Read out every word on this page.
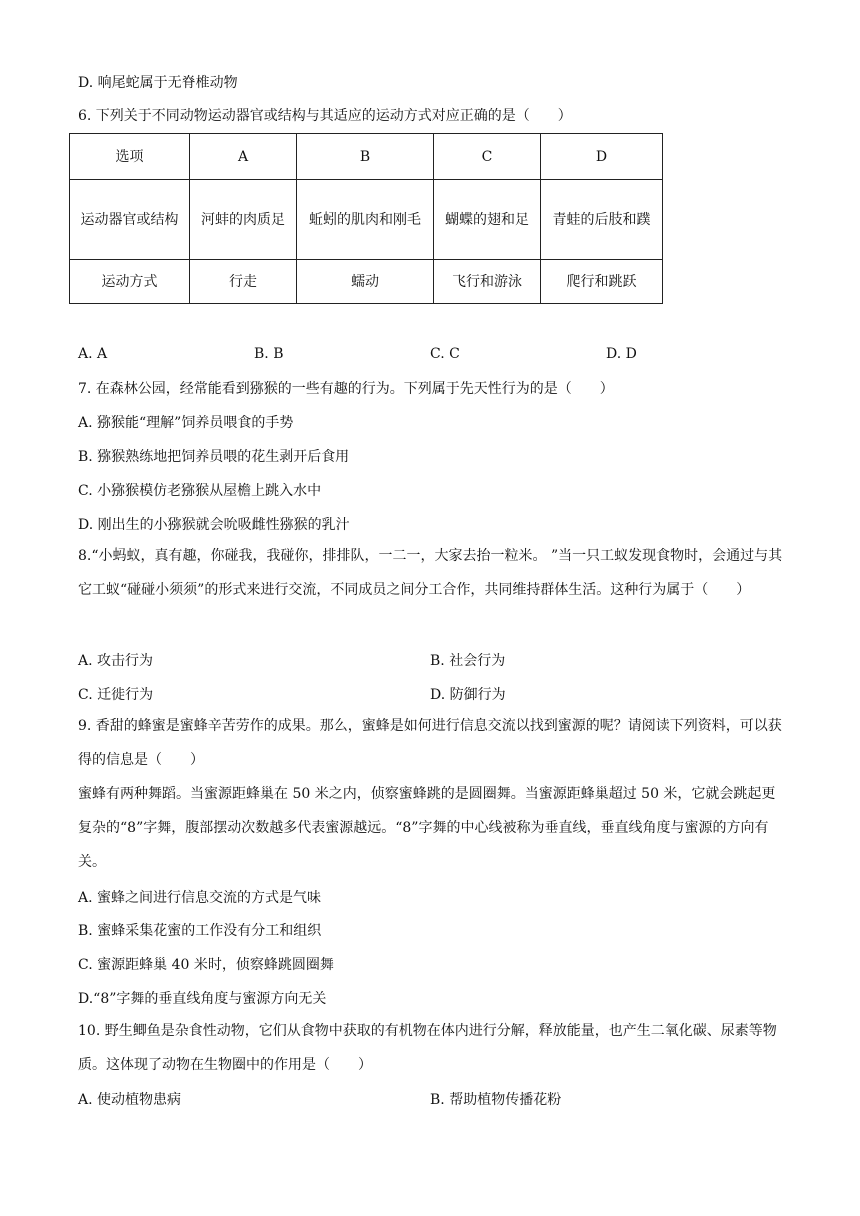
D. 响尾蛇属于无脊椎动物
6. 下列关于不同动物运动器官或结构与其适应的运动方式对应正确的是（　　）
选项	A	B	C	D
运动器官或结构	河蚌的肉质足	蚯蚓的肌肉和刚毛	蝴蝶的翅和足	青蛙的后肢和蹼
运动方式	行走	蠕动	飞行和游泳	爬行和跳跃
A. A	B. B	C. C	D. D
7. 在森林公园，经常能看到猕猴的一些有趣的行为。下列属于先天性行为的是（　　）
A. 猕猴能“理解”饲养员喂食的手势
B. 猕猴熟练地把饲养员喂的花生剥开后食用
C. 小猕猴模仿老猕猴从屋檐上跳入水中
D. 刚出生的小猕猴就会吮吸雌性猕猴的乳汁
8.“小蚂蚁，真有趣，你碰我，我碰你，排排队，一二一，大家去抬一粒米。 ”当一只工蚁发现食物时，会通过与其它工蚁“碰碰小须须”的形式来进行交流，不同成员之间分工合作，共同维持群体生活。这种行为属于（　　）
A. 攻击行为	B. 社会行为
C. 迁徙行为	D. 防御行为
9. 香甜的蜂蜜是蜜蜂辛苦劳作的成果。那么，蜜蜂是如何进行信息交流以找到蜜源的呢？请阅读下列资料，可以获得的信息是（　　）
蜜蜂有两种舞蹈。当蜜源距蜂巢在 50 米之内，侦察蜜蜂跳的是圆圈舞。当蜜源距蜂巢超过 50 米，它就会跳起更复杂的“8”字舞，腹部摆动次数越多代表蜜源越远。“8”字舞的中心线被称为垂直线，垂直线角度与蜜源的方向有关。
A. 蜜蜂之间进行信息交流的方式是气味
B. 蜜蜂采集花蜜的工作没有分工和组织
C. 蜜源距蜂巢 40 米时，侦察蜂跳圆圈舞
D.“8”字舞的垂直线角度与蜜源方向无关
10. 野生鲫鱼是杂食性动物，它们从食物中获取的有机物在体内进行分解，释放能量，也产生二氧化碳、尿素等物质。这体现了动物在生物圈中的作用是（　　）
A. 使动植物患病	B. 帮助植物传播花粉
